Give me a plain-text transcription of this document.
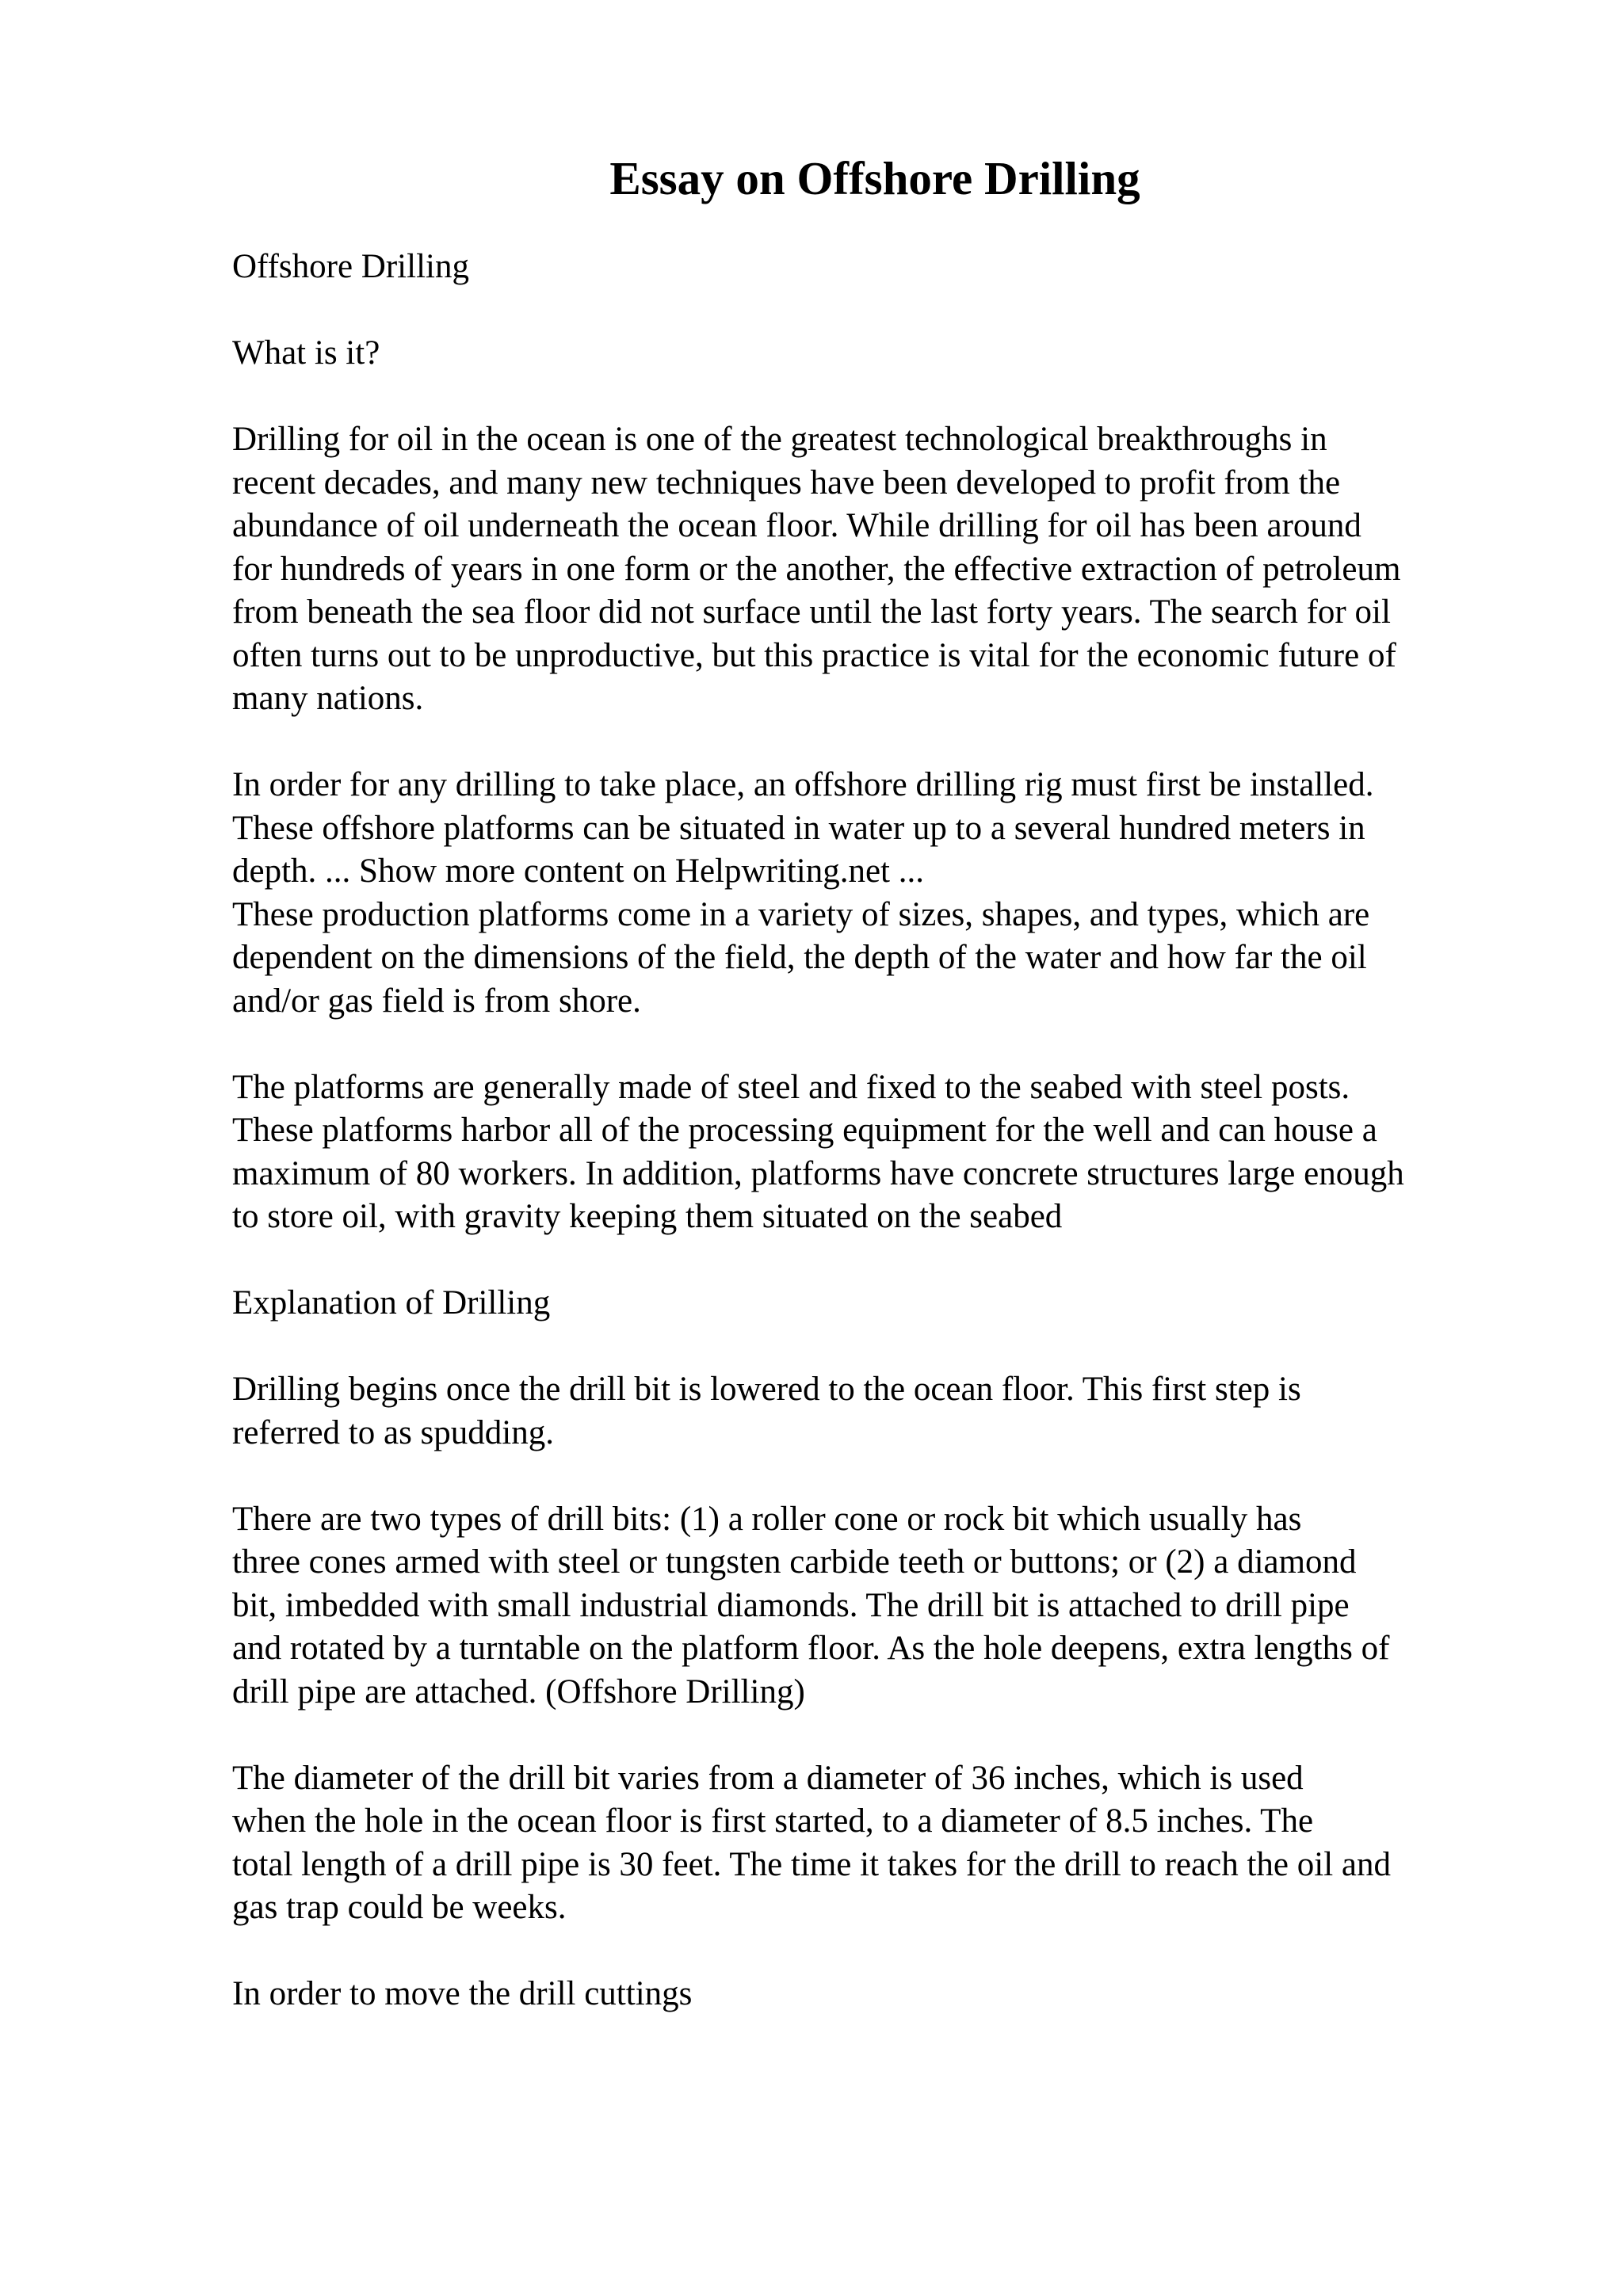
Essay on Offshore Drilling

Offshore Drilling

What is it?

Drilling for oil in the ocean is one of the greatest technological breakthroughs in
recent decades, and many new techniques have been developed to profit from the
abundance of oil underneath the ocean floor. While drilling for oil has been around
for hundreds of years in one form or the another, the effective extraction of petroleum
from beneath the sea floor did not surface until the last forty years. The search for oil
often turns out to be unproductive, but this practice is vital for the economic future of
many nations.

In order for any drilling to take place, an offshore drilling rig must first be installed.
These offshore platforms can be situated in water up to a several hundred meters in
depth. ... Show more content on Helpwriting.net ...

These production platforms come in a variety of sizes, shapes, and types, which are
dependent on the dimensions of the field, the depth of the water and how far the oil
and/or gas field is from shore.

The platforms are generally made of steel and fixed to the seabed with steel posts.
These platforms harbor all of the processing equipment for the well and can house a
maximum of 80 workers. In addition, platforms have concrete structures large enough
to store oil, with gravity keeping them situated on the seabed

Explanation of Drilling

Drilling begins once the drill bit is lowered to the ocean floor. This first step is
referred to as spudding.

There are two types of drill bits: (1) a roller cone or rock bit which usually has
three cones armed with steel or tungsten carbide teeth or buttons; or (2) a diamond
bit, imbedded with small industrial diamonds. The drill bit is attached to drill pipe
and rotated by a turntable on the platform floor. As the hole deepens, extra lengths of
drill pipe are attached. (Offshore Drilling)

The diameter of the drill bit varies from a diameter of 36 inches, which is used
when the hole in the ocean floor is first started, to a diameter of 8.5 inches. The
total length of a drill pipe is 30 feet. The time it takes for the drill to reach the oil and
gas trap could be weeks.

In order to move the drill cuttings
